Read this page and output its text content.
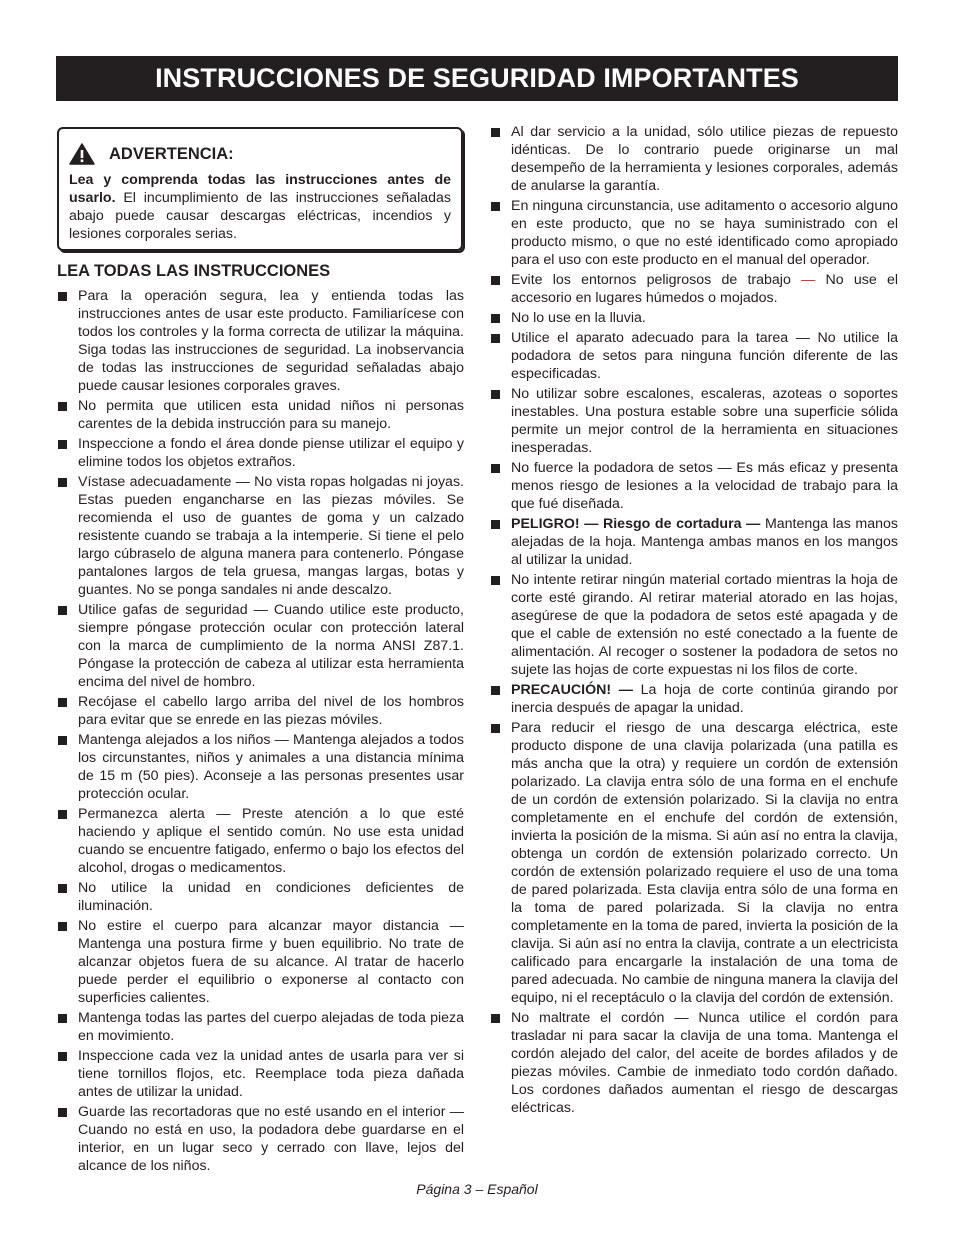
INSTRUCCIONES DE SEGURIDAD IMPORTANTES
ADVERTENCIA:

Lea y comprenda todas las instrucciones antes de usarlo. El incumplimiento de las instrucciones señaladas abajo puede causar descargas eléctricas, incendios y lesiones corporales serias.

LEA TODAS LAS INSTRUCCIONES
Para la operación segura, lea y entienda todas las instrucciones antes de usar este producto. Familiarícese con todos los controles y la forma correcta de utilizar la máquina. Siga todas las instrucciones de seguridad. La inobservancia de todas las instrucciones de seguridad señaladas abajo puede causar lesiones corporales graves.
No permita que utilicen esta unidad niños ni personas carentes de la debida instrucción para su manejo.
Inspeccione a fondo el área donde piense utilizar el equipo y elimine todos los objetos extraños.
Vístase adecuadamente — No vista ropas holgadas ni joyas. Estas pueden engancharse en las piezas móviles. Se recomienda el uso de guantes de goma y un calzado resistente cuando se trabaja a la intemperie. Si tiene el pelo largo cúbraselo de alguna manera para contenerlo. Póngase pantalones largos de tela gruesa, mangas largas, botas y guantes. No se ponga sandales ni ande descalzo.
Utilice gafas de seguridad — Cuando utilice este producto, siempre póngase protección ocular con protección lateral con la marca de cumplimiento de la norma ANSI Z87.1. Póngase la protección de cabeza al utilizar esta herramienta encima del nivel de hombro.
Recójase el cabello largo arriba del nivel de los hombros para evitar que se enrede en las piezas móviles.
Mantenga alejados a los niños — Mantenga alejados a todos los circunstantes, niños y animales a una distancia mínima de 15 m (50 pies). Aconseje a las personas presentes usar protección ocular.
Permanezca alerta — Preste atención a lo que esté haciendo y aplique el sentido común. No use esta unidad cuando se encuentre fatigado, enfermo o bajo los efectos del alcohol, drogas o medicamentos.
No utilice la unidad en condiciones deficientes de iluminación.
No estire el cuerpo para alcanzar mayor distancia — Mantenga una postura firme y buen equilibrio. No trate de alcanzar objetos fuera de su alcance. Al tratar de hacerlo puede perder el equilibrio o exponerse al contacto con superficies calientes.
Mantenga todas las partes del cuerpo alejadas de toda pieza en movimiento.
Inspeccione cada vez la unidad antes de usarla para ver si tiene tornillos flojos, etc. Reemplace toda pieza dañada antes de utilizar la unidad.
Guarde las recortadoras que no esté usando en el interior — Cuando no está en uso, la podadora debe guardarse en el interior, en un lugar seco y cerrado con llave, lejos del alcance de los niños.
Al dar servicio a la unidad, sólo utilice piezas de repuesto idénticas. De lo contrario puede originarse un mal desempeño de la herramienta y lesiones corporales, además de anularse la garantía.
En ninguna circunstancia, use aditamento o accesorio alguno en este producto, que no se haya suministrado con el producto mismo, o que no esté identificado como apropiado para el uso con este producto en el manual del operador.
Evite los entornos peligrosos de trabajo — No use el accesorio en lugares húmedos o mojados.
No lo use en la lluvia.
Utilice el aparato adecuado para la tarea — No utilice la podadora de setos para ninguna función diferente de las especificadas.
No utilizar sobre escalones, escaleras, azoteas o soportes inestables. Una postura estable sobre una superficie sólida permite un mejor control de la herramienta en situaciones inesperadas.
No fuerce la podadora de setos — Es más eficaz y presenta menos riesgo de lesiones a la velocidad de trabajo para la que fué diseñada.
PELIGRO! — Riesgo de cortadura — Mantenga las manos alejadas de la hoja. Mantenga ambas manos en los mangos al utilizar la unidad.
No intente retirar ningún material cortado mientras la hoja de corte esté girando. Al retirar material atorado en las hojas, asegúrese de que la podadora de setos esté apagada y de que el cable de extensión no esté conectado a la fuente de alimentación. Al recoger o sostener la podadora de setos no sujete las hojas de corte expuestas ni los filos de corte.
PRECAUCIÓN! — La hoja de corte continúa girando por inercia después de apagar la unidad.
Para reducir el riesgo de una descarga eléctrica, este producto dispone de una clavija polarizada (una patilla es más ancha que la otra) y requiere un cordón de extensión polarizado. La clavija entra sólo de una forma en el enchufe de un cordón de extensión polarizado. Si la clavija no entra completamente en el enchufe del cordón de extensión, invierta la posición de la misma. Si aún así no entra la clavija, obtenga un cordón de extensión polarizado correcto. Un cordón de extensión polarizado requiere el uso de una toma de pared polarizada. Esta clavija entra sólo de una forma en la toma de pared polarizada. Si la clavija no entra completamente en la toma de pared, invierta la posición de la clavija. Si aún así no entra la clavija, contrate a un electricista calificado para encargarle la instalación de una toma de pared adecuada. No cambie de ninguna manera la clavija del equipo, ni el receptáculo o la clavija del cordón de extensión.
No maltrate el cordón — Nunca utilice el cordón para trasladar ni para sacar la clavija de una toma. Mantenga el cordón alejado del calor, del aceite de bordes afilados y de piezas móviles. Cambie de inmediato todo cordón dañado. Los cordones dañados aumentan el riesgo de descargas eléctricas.
Página 3 – Español
